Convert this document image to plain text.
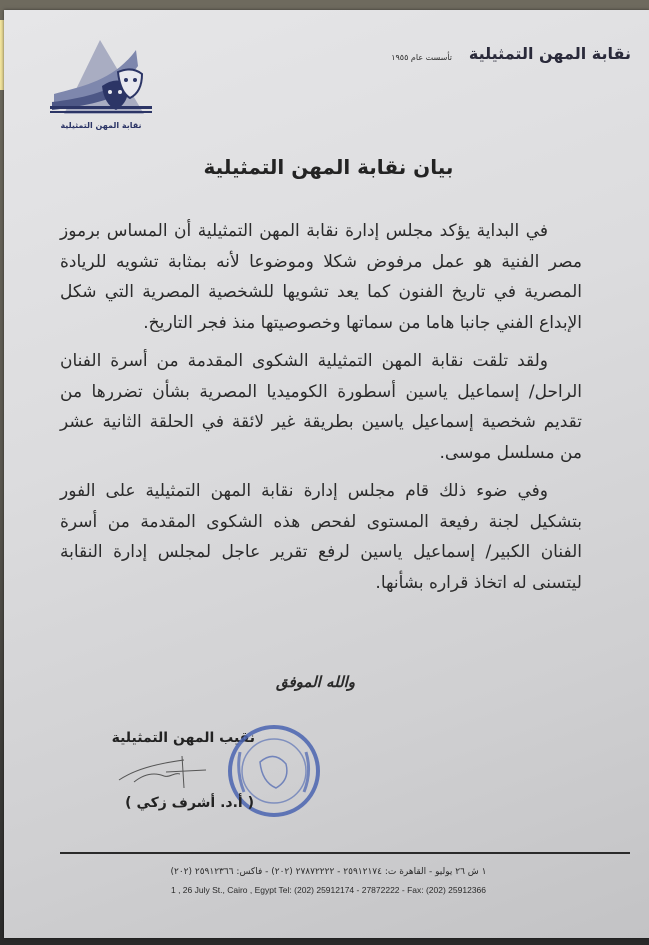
نقابة المهن التمثيلية
نقابة المهن التمثيلية
تأسست عام ١٩٥٥
بيان نقابة المهن التمثيلية

في البداية يؤكد مجلس إدارة نقابة المهن التمثيلية أن المساس برموز مصر الفنية هو عمل مرفوض شكلا وموضوعا لأنه بمثابة تشويه للريادة المصرية في تاريخ الفنون كما يعد تشويها للشخصية المصرية التي شكل الإبداع الفني جانبا هاما من سماتها وخصوصيتها منذ فجر التاريخ.

ولقد تلقت نقابة المهن التمثيلية الشكوى المقدمة من أسرة الفنان الراحل/ إسماعيل ياسين أسطورة الكوميديا المصرية بشأن تضررها من تقديم شخصية إسماعيل ياسين بطريقة غير لائقة في الحلقة الثانية عشر من مسلسل موسى.

وفي ضوء ذلك قام مجلس إدارة نقابة المهن التمثيلية على الفور بتشكيل لجنة رفيعة المستوى لفحص هذه الشكوى المقدمة من أسرة الفنان الكبير/ إسماعيل ياسين لرفع تقرير عاجل لمجلس إدارة النقابة ليتسنى له اتخاذ قراره بشأنها.

والله الموفق
نقيب المهن التمثيلية
( أ.د. أشرف زكي )
١ ش ٢٦ يوليو - القاهرة ت: ٢٥٩١٢١٧٤ - ٢٧٨٧٢٢٢٢ (٢٠٢) - فاكس: ٢٥٩١٢٣٦٦ (٢٠٢)
1 , 26 July St., Cairo , Egypt Tel: (202) 25912174 - 27872222 - Fax: (202) 25912366
